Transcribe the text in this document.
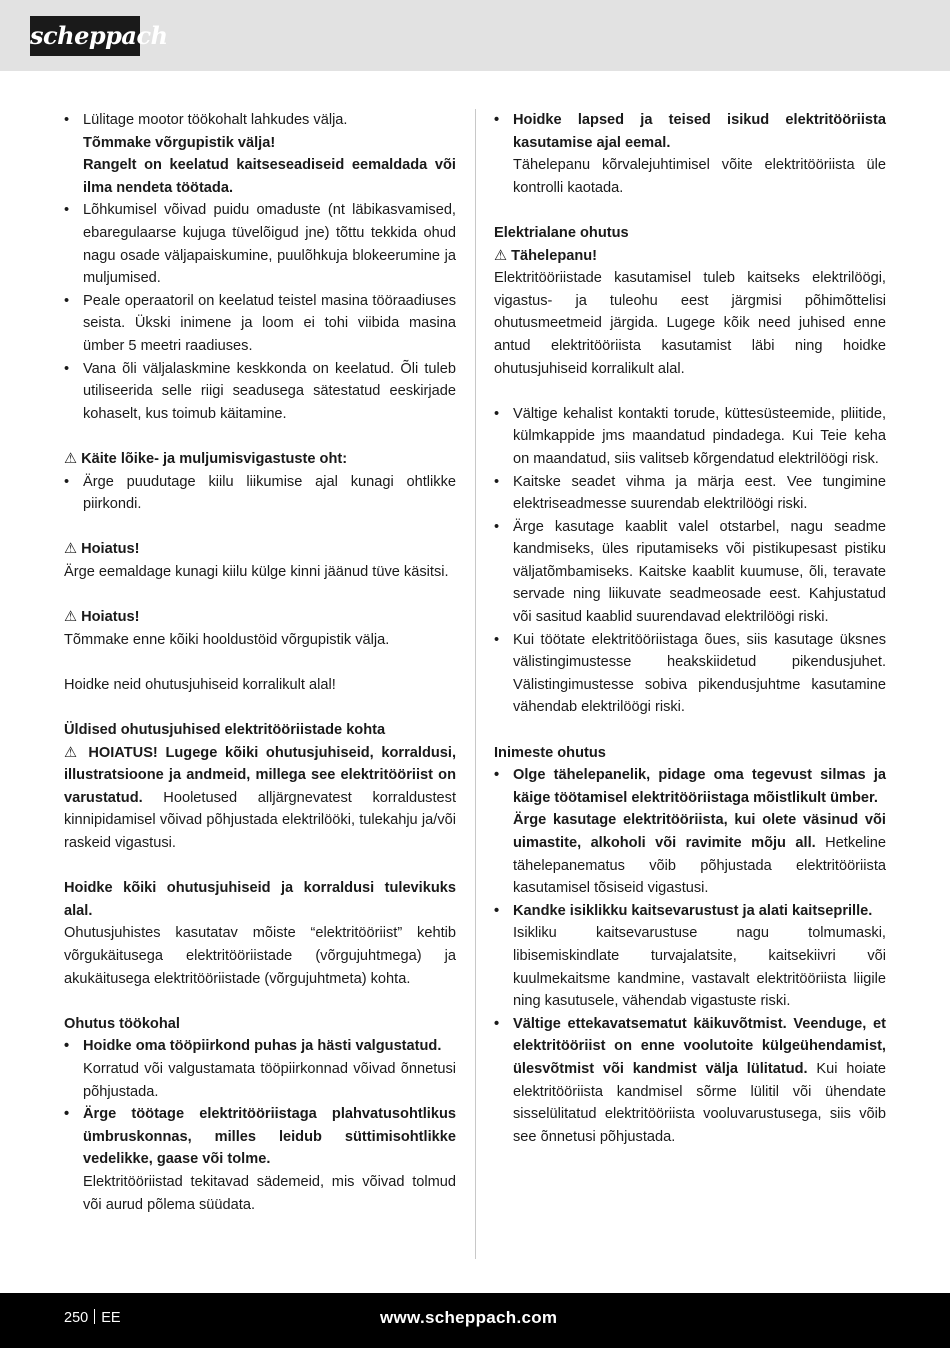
scheppach
• Lülitage mootor töökohalt lahkudes välja.
Tõmmake võrgupistik välja!
Rangelt on keelatud kaitseseadiseid eemaldada või ilma nendeta töötada.
• Lõhkumisel võivad puidu omaduste (nt läbikasvamised, ebaregulaarse kujuga tüvelõigud jne) tõttu tekkida ohud nagu osade väljapaiskumine, puulõhkuja blokeerumine ja muljumised.
• Peale operaatoril on keelatud teistel masina tööraadiuses seista. Ükski inimene ja loom ei tohi viibida masina ümber 5 meetri raadiuses.
• Vana õli väljalaskmine keskkonda on keelatud. Õli tuleb utiliseerida selle riigi seadusega sätestatud eeskirjade kohaselt, kus toimub käitamine.
⚠ Käite lõike- ja muljumisvigastuste oht:
• Ärge puudutage kiilu liikumise ajal kunagi ohtlikke piirkondi.
⚠ Hoiatus!
Ärge eemaldage kunagi kiilu külge kinni jäänud tüve käsitsi.
⚠ Hoiatus!
Tõmmake enne kõiki hooldustöid võrgupistik välja.
Hoidke neid ohutusjuhiseid korralikult alal!
Üldised ohutusjuhised elektritööriistade kohta
⚠ HOIATUS! Lugege kõiki ohutusjuhiseid, korraldusi, illustratsioone ja andmeid, millega see elektritööriist on varustatud. Hooletused alljärgnevatest korraldustest kinnipidamisel võivad põhjustada elektrilööki, tulekahju ja/või raskeid vigastusi.
Hoidke kõiki ohutusjuhiseid ja korraldusi tulevikuks alal.
Ohutusjuhistes kasutatav mõiste “elektritööriist” kehtib võrgukäitusega elektritööriistade (võrgujuhtmega) ja akukäitusega elektritööriistade (võrgujuhtmeta) kohta.
Ohutus töökohal
• Hoidke oma tööpiirkond puhas ja hästi valgustatud.
Korratud või valgustamata tööpiirkonnad võivad õnnetusi põhjustada.
• Ärge töötage elektritööriistaga plahvatusohtlikus ümbruskonnas, milles leidub süttimisohtlikke vedelikke, gaase või tolme.
Elektritööriistad tekitavad sädemeid, mis võivad tolmud või aurud põlema süüdata.
• Hoidke lapsed ja teised isikud elektritööriista kasutamise ajal eemal.
Tähelepanu kõrvalejuhtimisel võite elektritööriista üle kontrolli kaotada.
Elektrialane ohutus
⚠ Tähelepanu!
Elektritööriistade kasutamisel tuleb kaitseks elektrilöögi, vigastus- ja tuleohu eest järgmisi põhimõttelisi ohutusmeetmeid järgida. Lugege kõik need juhised enne antud elektritööriista kasutamist läbi ning hoidke ohutusjuhiseid korralikult alal.
• Vältige kehalist kontakti torude, küttesüsteemide, pliitide, külmkappide jms maandatud pindadega. Kui Teie keha on maandatud, siis valitseb kõrgendatud elektrilöögi risk.
• Kaitske seadet vihma ja märja eest. Vee tungimine elektriseadmesse suurendab elektrilöögi riski.
• Ärge kasutage kaablit valel otstarbel, nagu seadme kandmiseks, üles riputamiseks või pistikupesast pistiku väljatõmbamiseks. Kaitske kaablit kuumuse, õli, teravate servade ning liikuvate seadmeosade eest. Kahjustatud või sasitud kaablid suurendavad elektrilöögi riski.
• Kui töötate elektritööriistaga õues, siis kasutage üksnes välistingimustesse heakskiidetud pikendusjuhet. Välistingimustesse sobiva pikendusjuhtme kasutamine vähendab elektrilöögi riski.
Inimeste ohutus
• Olge tähelepanelik, pidage oma tegevust silmas ja käige töötamisel elektritööriistaga mõistlikult ümber.
Ärge kasutage elektritööriista, kui olete väsinud või uimastite, alkoholi või ravimite mõju all. Hetkeline tähelepanematus võib põhjustada elektritööriista kasutamisel tõsiseid vigastusi.
• Kandke isiklikku kaitsevarustust ja alati kaitseprille.
Isikliku kaitsevarustuse nagu tolmumaski, libisemiskindlate turvajalatsite, kaitsekiivri või kuulmekaitsme kandmine, vastavalt elektritööriista liigile ning kasutusele, vähendab vigastuste riski.
• Vältige ettekavatsematut käikuvõtmist. Veenduge, et elektritööriist on enne voolutoite külgeühendamist, ülesvõtmist või kandmist välja lülitatud. Kui hoiate elektritööriista kandmisel sõrme lülitil või ühendate sisselülitatud elektritööriista vooluvarustusega, siis võib see õnnetusi põhjustada.
250 EE	www.scheppach.com
